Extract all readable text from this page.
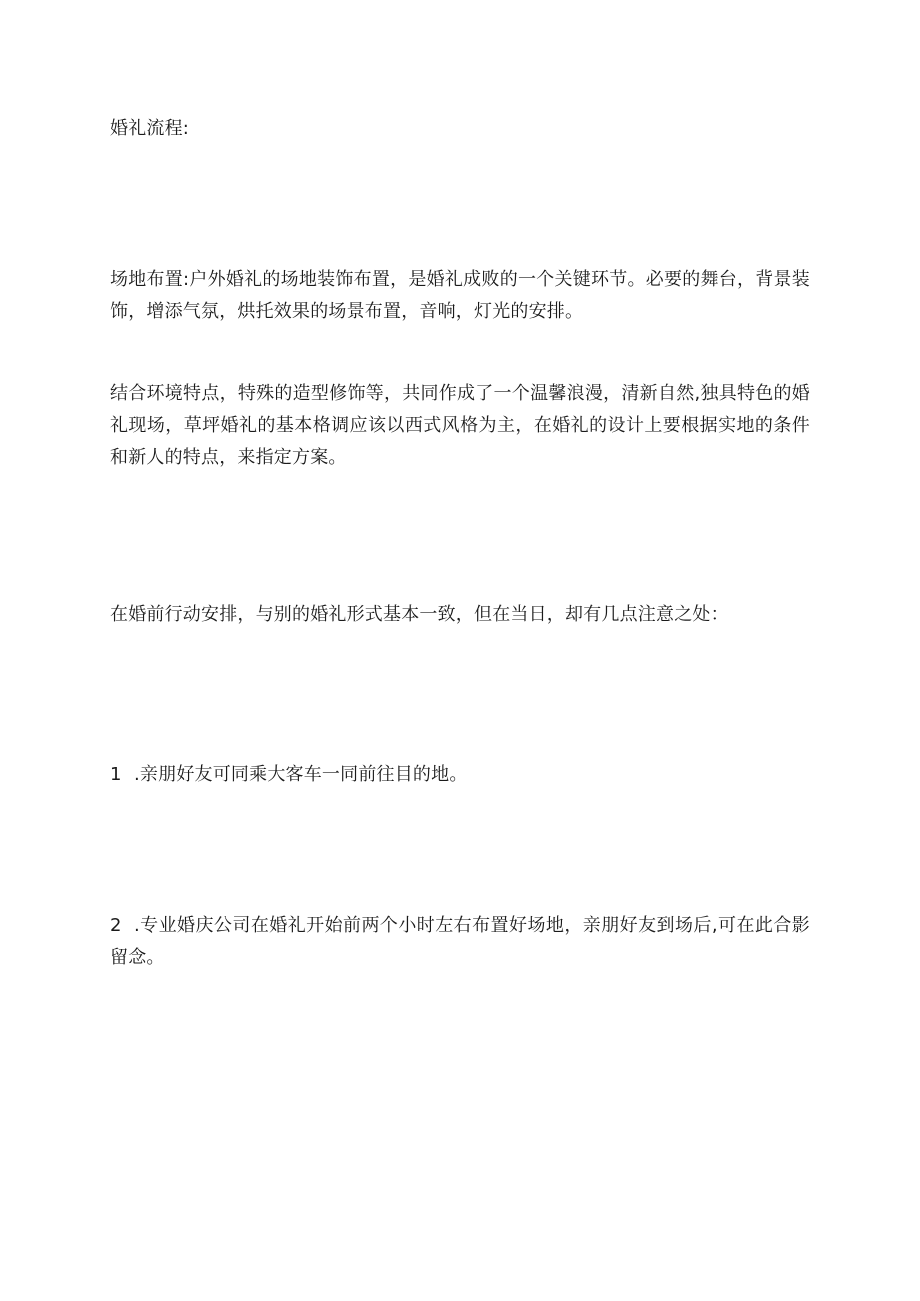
婚礼流程:

场地布置:户外婚礼的场地装饰布置，是婚礼成败的一个关键环节。必要的舞台，背景装饰，增添气氛，烘托效果的场景布置，音响，灯光的安排。

结合环境特点，特殊的造型修饰等，共同作成了一个温馨浪漫，清新自然,独具特色的婚礼现场，草坪婚礼的基本格调应该以西式风格为主，在婚礼的设计上要根据实地的条件和新人的特点，来指定方案。

在婚前行动安排，与别的婚礼形式基本一致，但在当日，却有几点注意之处：

1 .亲朋好友可同乘大客车一同前往目的地。

2 .专业婚庆公司在婚礼开始前两个小时左右布置好场地，亲朋好友到场后,可在此合影留念。
